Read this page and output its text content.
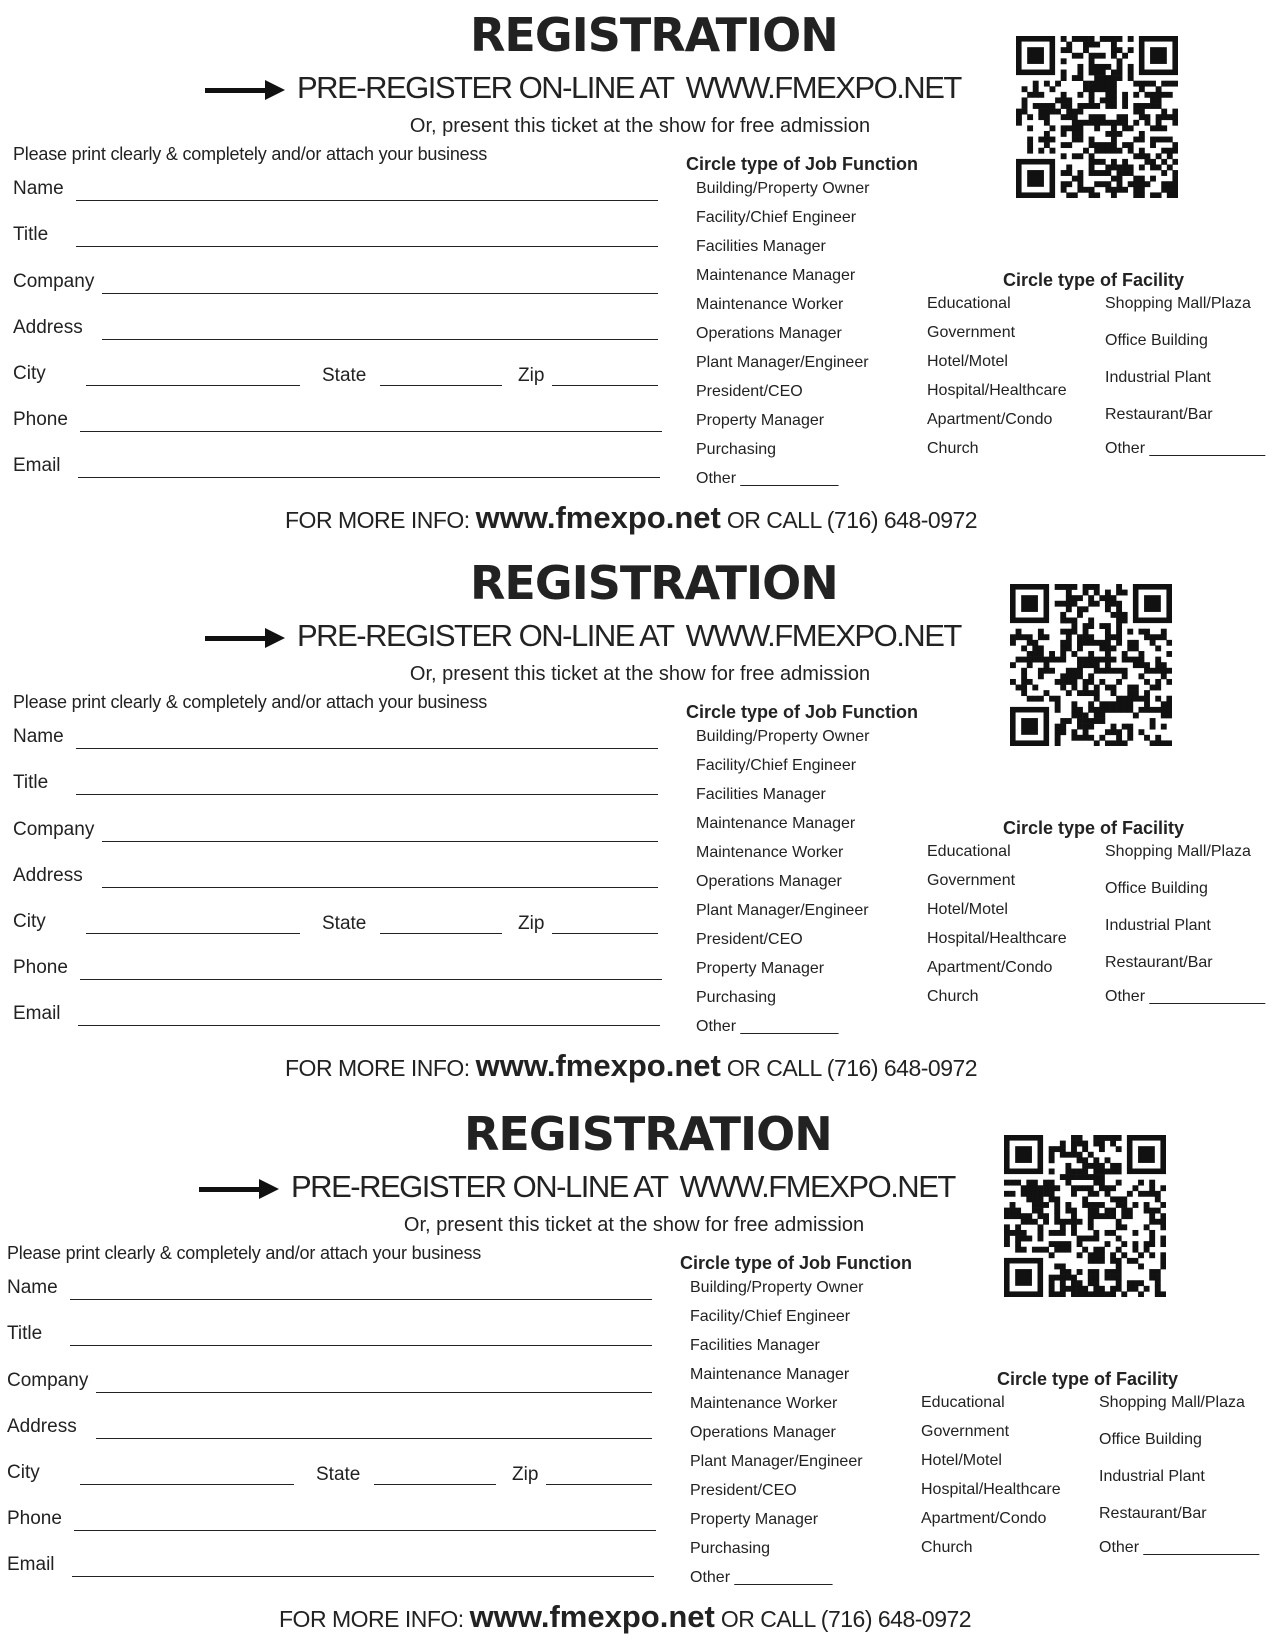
REGISTRATION
PRE-REGISTER ON-LINE AT WWW.FMEXPO.NET
Or, present this ticket at the show for free admission
Please print clearly & completely and/or attach your business
Name
Title
Company
Address
Phone
Email
City	State	Zip
Circle type of Job Function
Building/Property Owner
Facility/Chief Engineer
Facilities Manager
Maintenance Manager
Maintenance Worker
Operations Manager
Plant Manager/Engineer
President/CEO
Property Manager
Purchasing
Other ___________
Circle type of Facility
Educational
Government
Hotel/Motel
Hospital/Healthcare
Apartment/Condo
Church
Shopping Mall/Plaza
Office Building
Industrial Plant
Restaurant/Bar
Other _____________
FOR MORE INFO: www.fmexpo.net OR CALL (716) 648-0972
REGISTRATION
PRE-REGISTER ON-LINE AT WWW.FMEXPO.NET
Or, present this ticket at the show for free admission
Please print clearly & completely and/or attach your business
Name
Title
Company
Address
Phone
Email
City	State	Zip
Circle type of Job Function
Building/Property Owner
Facility/Chief Engineer
Facilities Manager
Maintenance Manager
Maintenance Worker
Operations Manager
Plant Manager/Engineer
President/CEO
Property Manager
Purchasing
Other ___________
Circle type of Facility
Educational
Government
Hotel/Motel
Hospital/Healthcare
Apartment/Condo
Church
Shopping Mall/Plaza
Office Building
Industrial Plant
Restaurant/Bar
Other _____________
FOR MORE INFO: www.fmexpo.net OR CALL (716) 648-0972
REGISTRATION
PRE-REGISTER ON-LINE AT WWW.FMEXPO.NET
Or, present this ticket at the show for free admission
Please print clearly & completely and/or attach your business
Name
Title
Company
Address
Phone
Email
City	State	Zip
Circle type of Job Function
Building/Property Owner
Facility/Chief Engineer
Facilities Manager
Maintenance Manager
Maintenance Worker
Operations Manager
Plant Manager/Engineer
President/CEO
Property Manager
Purchasing
Other ___________
Circle type of Facility
Educational
Government
Hotel/Motel
Hospital/Healthcare
Apartment/Condo
Church
Shopping Mall/Plaza
Office Building
Industrial Plant
Restaurant/Bar
Other _____________
FOR MORE INFO: www.fmexpo.net OR CALL (716) 648-0972
